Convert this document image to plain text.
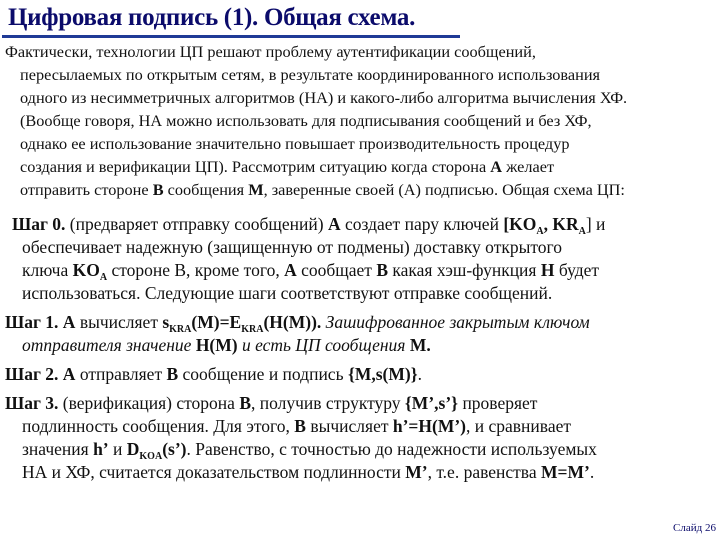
Цифровая подпись (1). Общая схема.
Фактически, технологии ЦП решают проблему аутентификации сообщений,
пересылаемых по открытым сетям, в результате координированного использования
одного из несимметричных алгоритмов (НА) и какого-либо алгоритма вычисления ХФ.
(Вообще говоря, НА можно использовать для подписывания сообщений и без ХФ,
однако ее использование значительно повышает производительность процедур
создания и верификации ЦП). Рассмотрим ситуацию когда сторона А желает
отправить стороне В сообщения М, заверенные своей (А) подписью. Общая схема ЦП:
Шаг 0. (предваряет отправку сообщений) А создает пару ключей [$KO_A$, $KR_A$] и
обеспечивает надежную (защищенную от подмены) доставку открытого
ключа $KO_A$ стороне В, кроме того, А сообщает В какая хэш-функция Н будет
использоваться. Следующие шаги соответствуют отправке сообщений.
Шаг 1. А вычисляет $s_{KRA}(M)=E_{KRA}(H(M))$. Зашифрованное закрытым ключом
отправителя значение H(M) и есть ЦП сообщения M.
Шаг 2. А отправляет В сообщение и подпись {M,s(M)}.
Шаг 3. (верификация) сторона В, получив структуру {M’,s’} проверяет
подлинность сообщения. Для этого, В вычисляет h’=H(M’), и сравнивает
значения h’ и $D_{KOA}(s’)$. Равенство, с точностью до надежности используемых
НА и ХФ, считается доказательством подлинности M’, т.е. равенства M=M’.
Слайд 26
